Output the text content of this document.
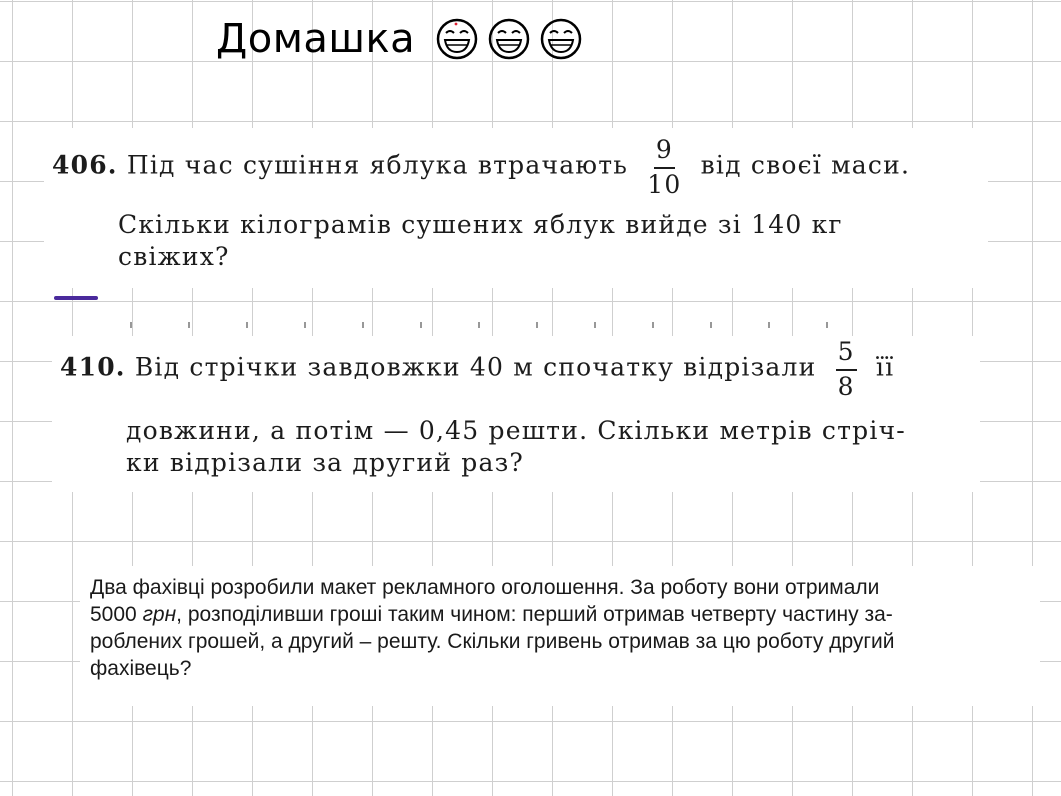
Домашка
406. Під час сушіння яблука втрачають $\frac{9}{10}$ від своєї маси.
Скільки кілограмів сушених яблук вийде зі 140 кг
свіжих?
410. Від стрічки завдовжки 40 м спочатку відрізали $\frac{5}{8}$ її
довжини, а потім — 0,45 решти. Скільки метрів стріч-
ки відрізали за другий раз?
Два фахівці розробили макет рекламного оголошення. За роботу вони отримали
5000 грн, розподіливши гроші таким чином: перший отримав четверту частину за-
роблених грошей, а другий – решту. Скільки гривень отримав за цю роботу другий
фахівець?
